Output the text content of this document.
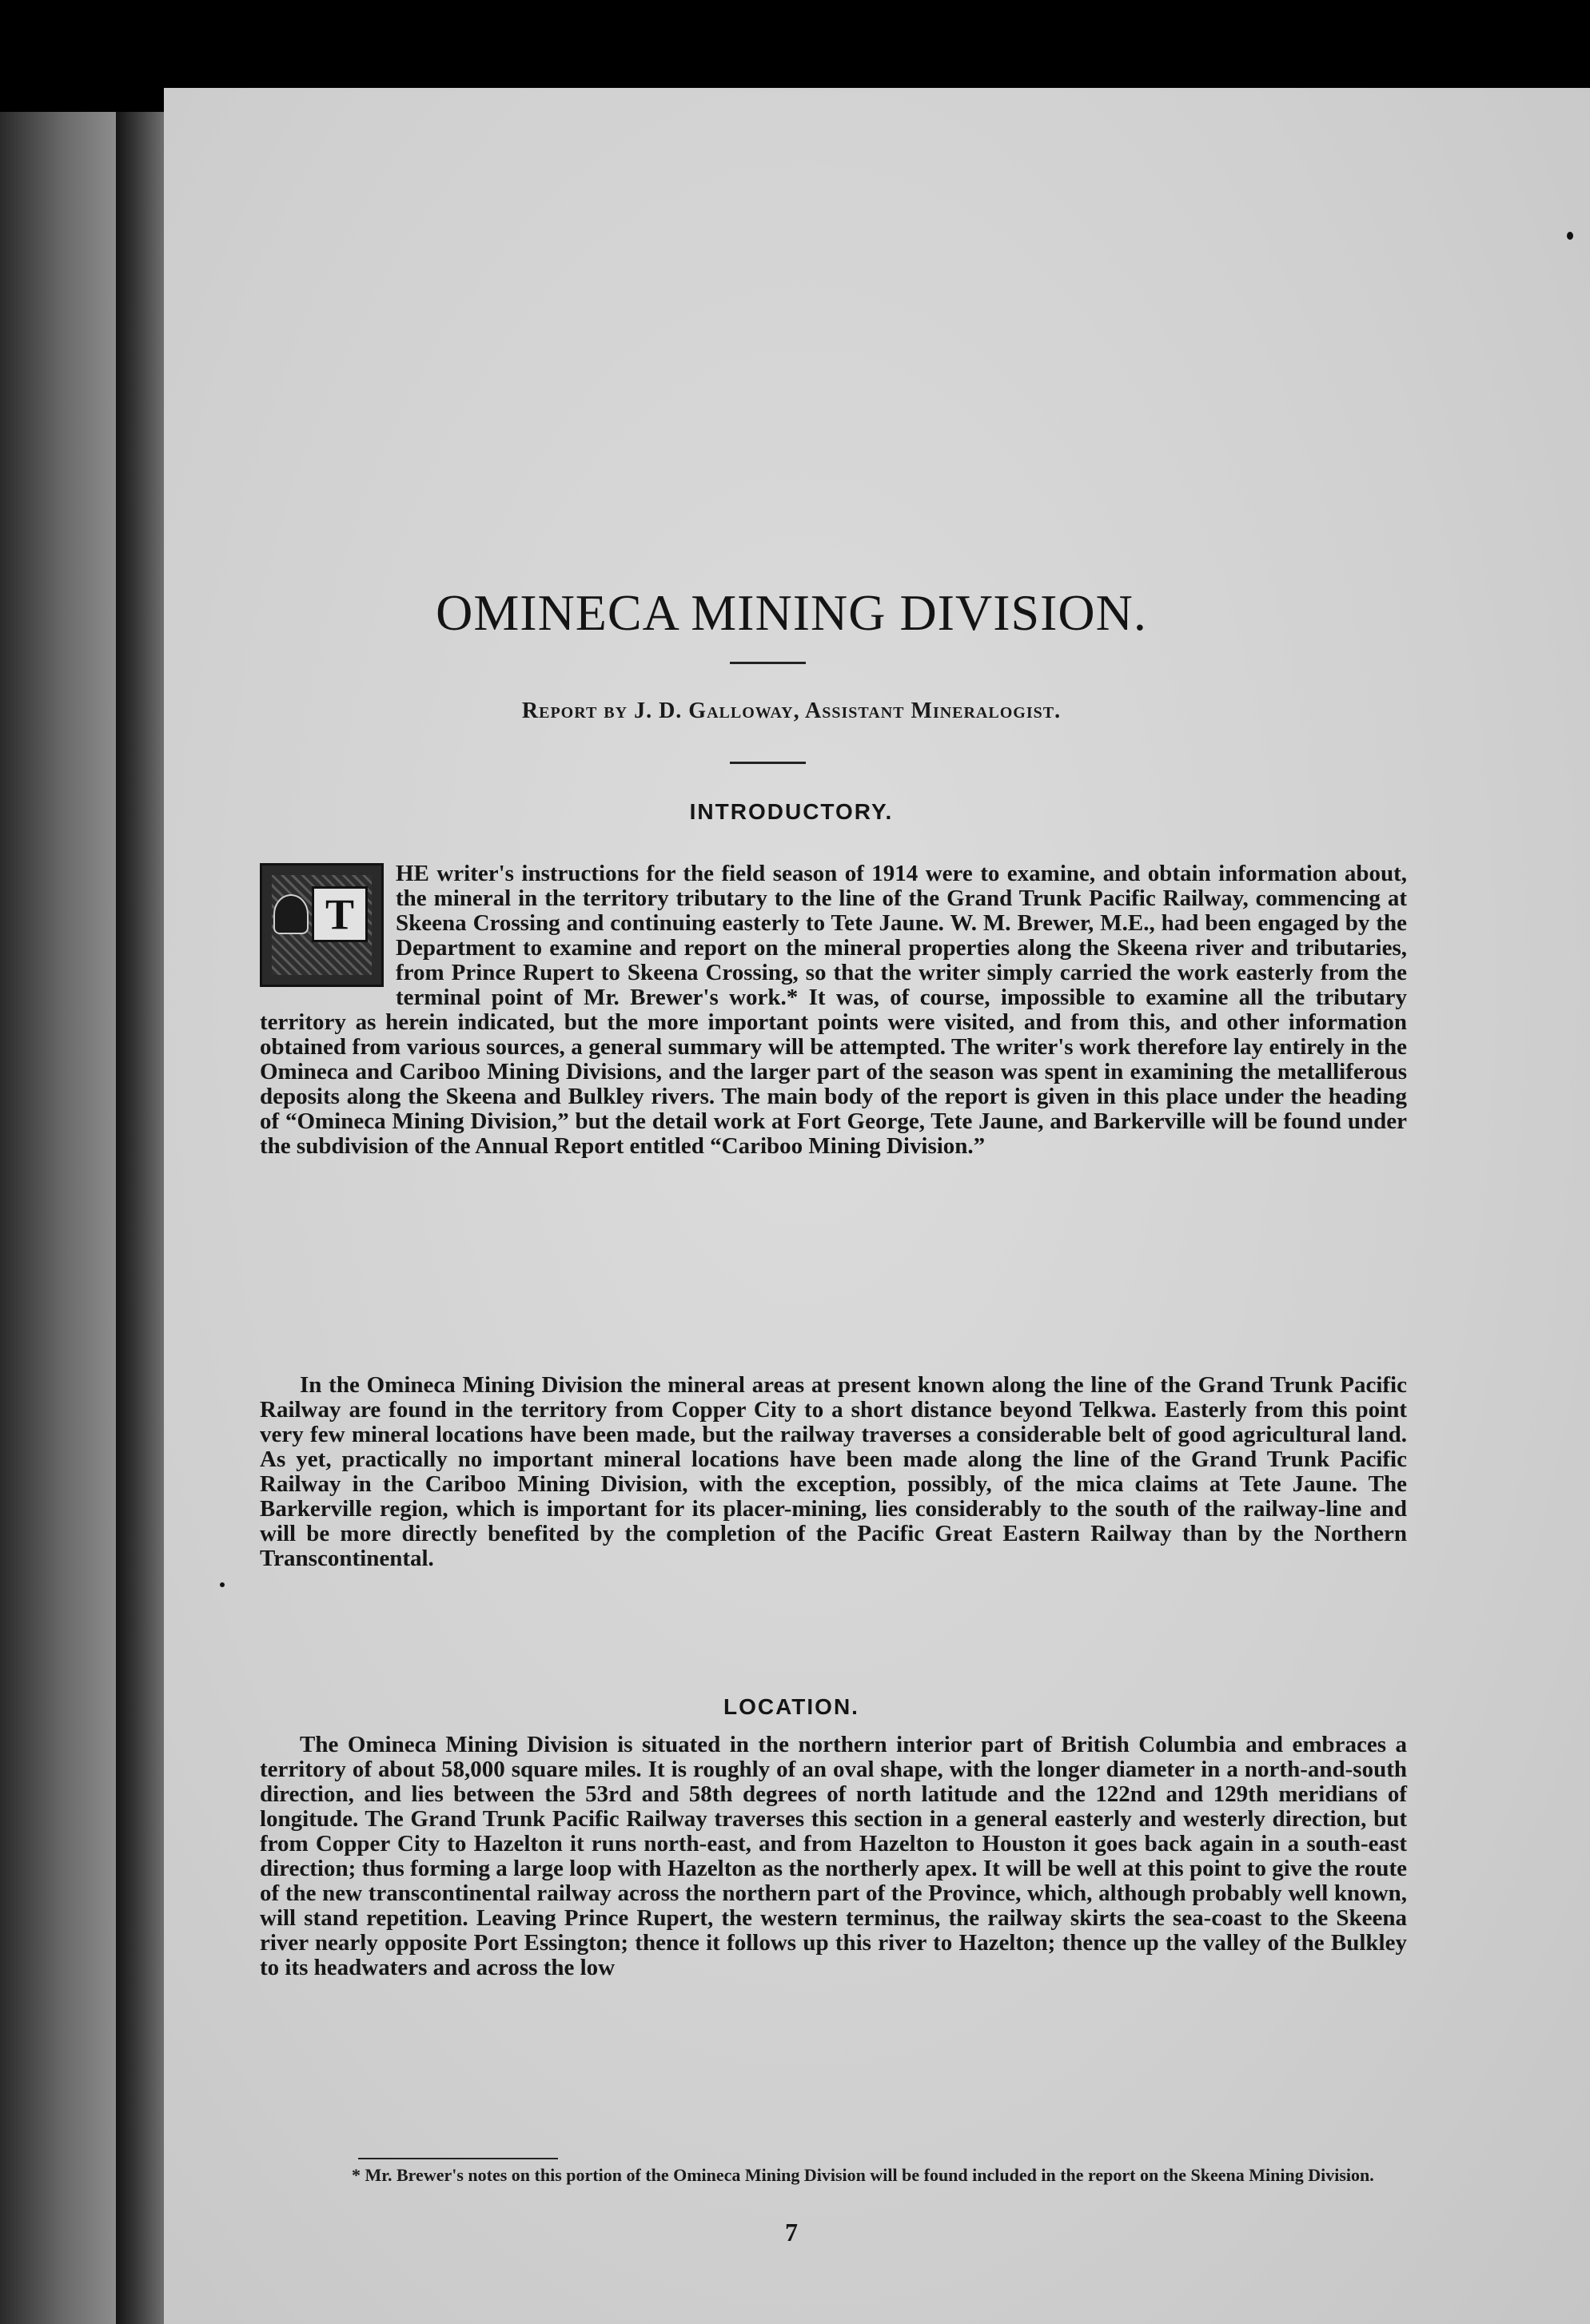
OMINECA MINING DIVISION.
Report by J. D. Galloway, Assistant Mineralogist.
INTRODUCTORY.

HE writer's instructions for the field season of 1914 were to examine, and obtain information about, the mineral in the territory tributary to the line of the Grand Trunk Pacific Railway, commencing at Skeena Crossing and continuing easterly to Tete Jaune. W. M. Brewer, M.E., had been engaged by the Department to examine and report on the mineral properties along the Skeena river and tributaries, from Prince Rupert to Skeena Crossing, so that the writer simply carried the work easterly from the terminal point of Mr. Brewer's work.* It was, of course, impossible to examine all the tributary territory as herein indicated, but the more important points were visited, and from this, and other information obtained from various sources, a general summary will be attempted. The writer's work therefore lay entirely in the Omineca and Cariboo Mining Divisions, and the larger part of the season was spent in examining the metalliferous deposits along the Skeena and Bulkley rivers. The main body of the report is given in this place under the heading of “Omineca Mining Division,” but the detail work at Fort George, Tete Jaune, and Barkerville will be found under the subdivision of the Annual Report entitled “Cariboo Mining Division.”

T

In the Omineca Mining Division the mineral areas at present known along the line of the Grand Trunk Pacific Railway are found in the territory from Copper City to a short distance beyond Telkwa. Easterly from this point very few mineral locations have been made, but the railway traverses a considerable belt of good agricultural land. As yet, practically no important mineral locations have been made along the line of the Grand Trunk Pacific Railway in the Cariboo Mining Division, with the exception, possibly, of the mica claims at Tete Jaune. The Barkerville region, which is important for its placer-mining, lies considerably to the south of the railway-line and will be more directly benefited by the completion of the Pacific Great Eastern Railway than by the Northern Transcontinental.

LOCATION.

The Omineca Mining Division is situated in the northern interior part of British Columbia and embraces a territory of about 58,000 square miles. It is roughly of an oval shape, with the longer diameter in a north-and-south direction, and lies between the 53rd and 58th degrees of north latitude and the 122nd and 129th meridians of longitude. The Grand Trunk Pacific Railway traverses this section in a general easterly and westerly direction, but from Copper City to Hazelton it runs north-east, and from Hazelton to Houston it goes back again in a south-east direction; thus forming a large loop with Hazelton as the northerly apex. It will be well at this point to give the route of the new transcontinental railway across the northern part of the Province, which, although probably well known, will stand repetition. Leaving Prince Rupert, the western terminus, the railway skirts the sea-coast to the Skeena river nearly opposite Port Essington; thence it follows up this river to Hazelton; thence up the valley of the Bulkley to its headwaters and across the low

* Mr. Brewer's notes on this portion of the Omineca Mining Division will be found included in the report on the Skeena Mining Division.

7
